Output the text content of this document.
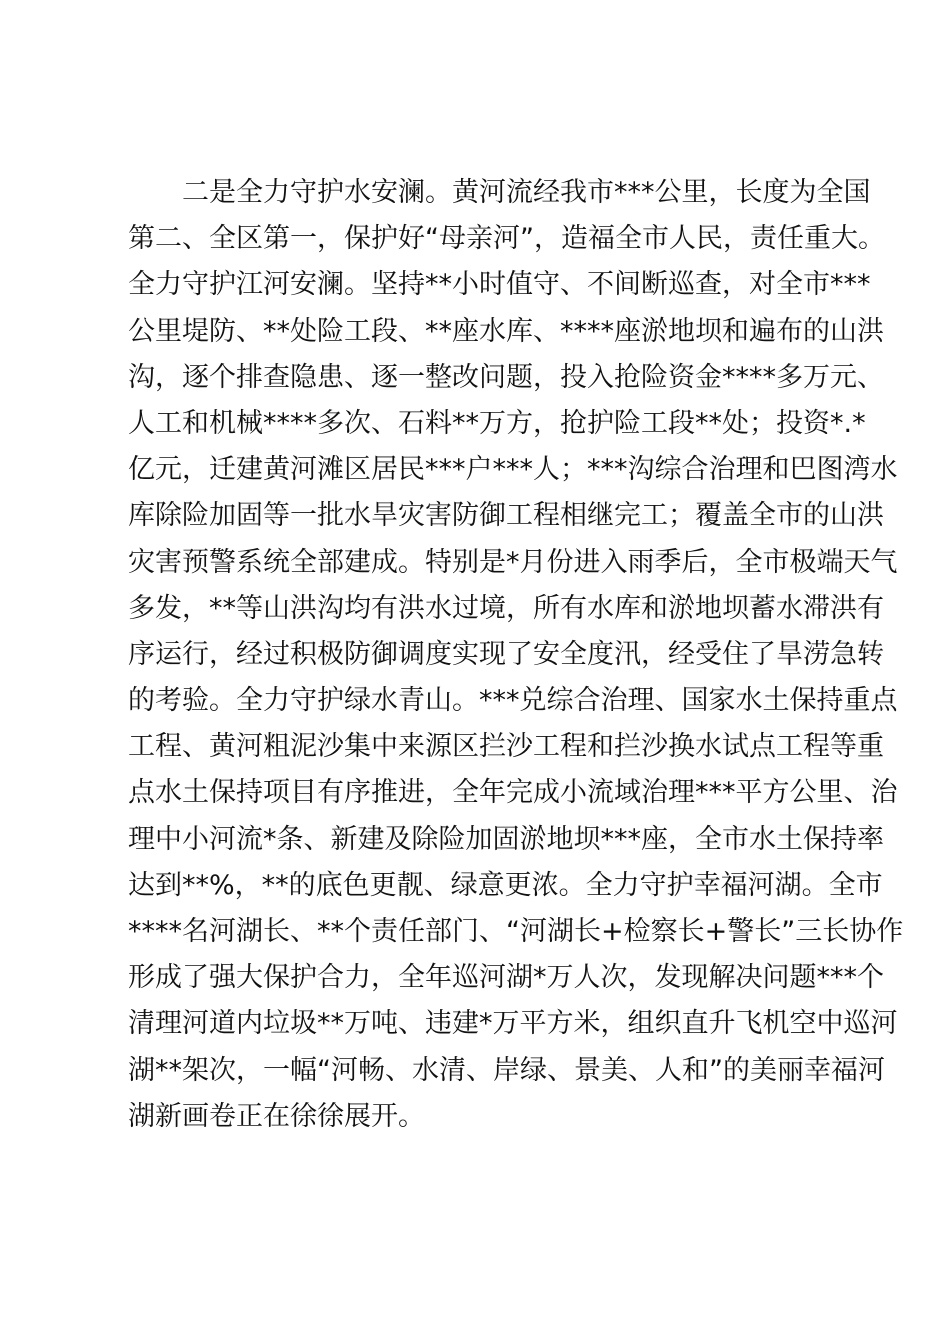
二是全力守护水安澜。黄河流经我市***公里，长度为全国
第二、全区第一，保护好“母亲河”，造福全市人民，责任重大。
全力守护江河安澜。坚持**小时值守、不间断巡查，对全市***
公里堤防、**处险工段、**座水库、****座淤地坝和遍布的山洪
沟，逐个排查隐患、逐一整改问题，投入抢险资金****多万元、
人工和机械****多次、石料**万方，抢护险工段**处；投资*.*
亿元，迁建黄河滩区居民***户***人；***沟综合治理和巴图湾水
库除险加固等一批水旱灾害防御工程相继完工；覆盖全市的山洪
灾害预警系统全部建成。特别是*月份进入雨季后，全市极端天气
多发，**等山洪沟均有洪水过境，所有水库和淤地坝蓄水滞洪有
序运行，经过积极防御调度实现了安全度汛，经受住了旱涝急转
的考验。全力守护绿水青山。***兑综合治理、国家水土保持重点
工程、黄河粗泥沙集中来源区拦沙工程和拦沙换水试点工程等重
点水土保持项目有序推进，全年完成小流域治理***平方公里、治
理中小河流*条、新建及除险加固淤地坝***座，全市水土保持率
达到**%，**的底色更靓、绿意更浓。全力守护幸福河湖。全市
****名河湖长、**个责任部门、“河湖长+检察长+警长”三长协作
形成了强大保护合力，全年巡河湖*万人次，发现解决问题***个
清理河道内垃圾**万吨、违建*万平方米，组织直升飞机空中巡河
湖**架次，一幅“河畅、水清、岸绿、景美、人和”的美丽幸福河
湖新画卷正在徐徐展开。
